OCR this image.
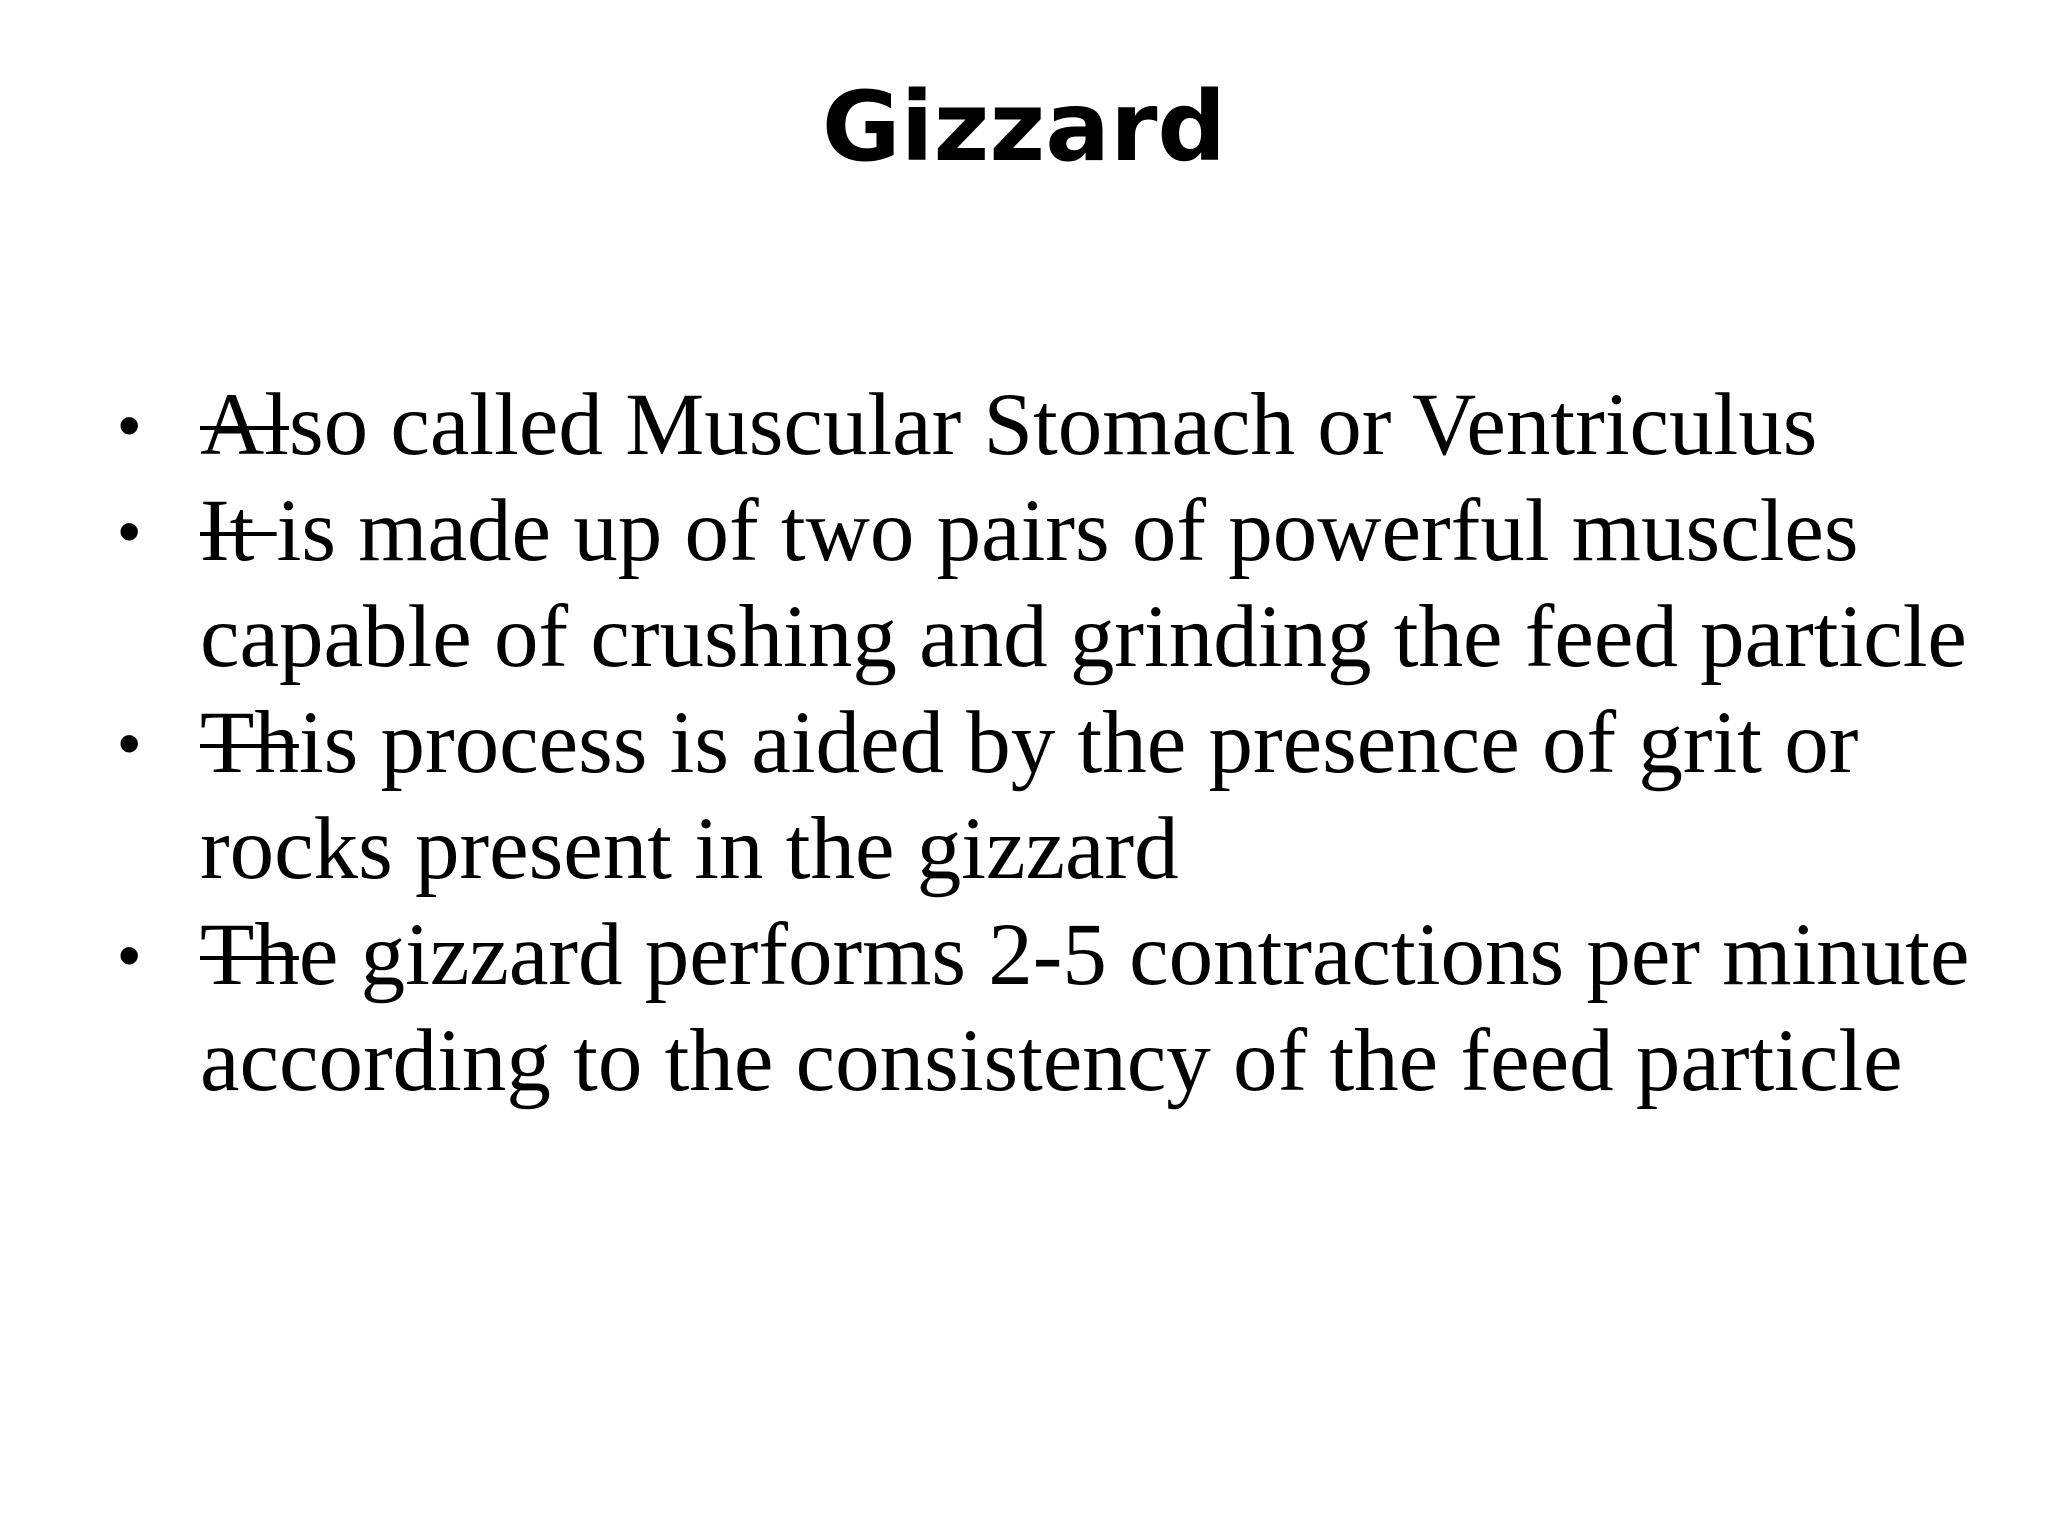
Gizzard
• Also called Muscular Stomach or Ventriculus
• It is made up of two pairs of powerful muscles capable of crushing and grinding the feed particle
• This process is aided by the presence of grit or rocks present in the gizzard
• The gizzard performs 2-5 contractions per minute according to the consistency of the feed particle
